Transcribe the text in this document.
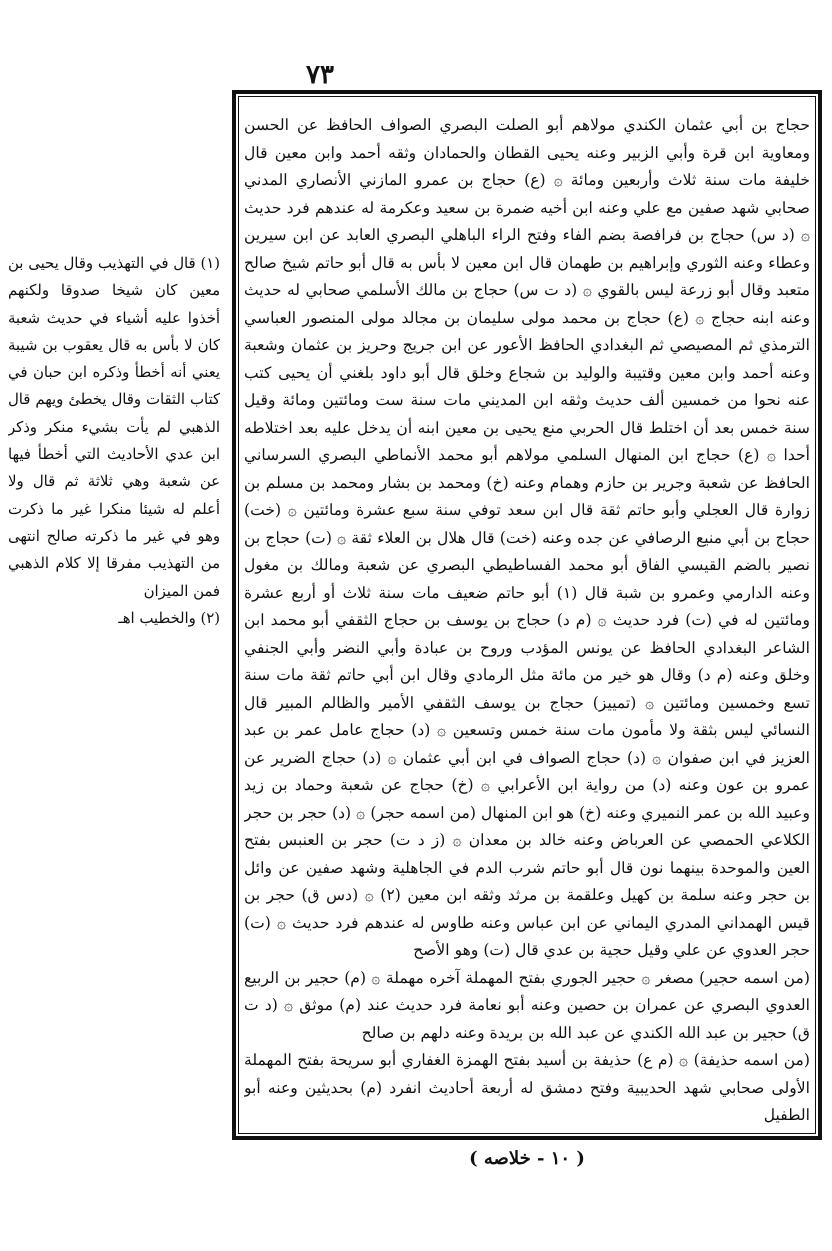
٧٣

حجاج بن أبي عثمان الكندي مولاهم أبو الصلت البصري الصواف الحافظ عن الحسن ومعاوية ابن قرة وأبي الزبير وعنه يحيى القطان والحمادان وثقه أحمد وابن معين قال خليفة مات سنة ثلاث وأربعين ومائة ۞ (ع) حجاج بن عمرو المازني الأنصاري المدني صحابي شهد صفين مع علي وعنه ابن أخيه ضمرة بن سعيد وعكرمة له عندهم فرد حديث ۞ (د س) حجاج بن فرافصة بضم الفاء وفتح الراء الباهلي البصري العابد عن ابن سيرين وعطاء وعنه الثوري وإبراهيم بن طهمان قال ابن معين لا بأس به قال أبو حاتم شيخ صالح متعبد وقال أبو زرعة ليس بالقوي ۞ (د ت س) حجاج بن مالك الأسلمي صحابي له حديث وعنه ابنه حجاج ۞ (ع) حجاج بن محمد مولى سليمان بن مجالد مولى المنصور العباسي الترمذي ثم المصيصي ثم البغدادي الحافظ الأعور عن ابن جريج وحريز بن عثمان وشعبة وعنه أحمد وابن معين وقتيبة والوليد بن شجاع وخلق قال أبو داود بلغني أن يحيى كتب عنه نحوا من خمسين ألف حديث وثقه ابن المديني مات سنة ست ومائتين ومائة وقيل سنة خمس بعد أن اختلط قال الحربي منع يحيى بن معين ابنه أن يدخل عليه بعد اختلاطه أحدا ۞ (ع) حجاج ابن المنهال السلمي مولاهم أبو محمد الأنماطي البصري السرساني الحافظ عن شعبة وجرير بن حازم وهمام وعنه (خ) ومحمد بن بشار ومحمد بن مسلم بن زوارة قال العجلي وأبو حاتم ثقة قال ابن سعد توفي سنة سبع عشرة ومائتين ۞ (خت) حجاج بن أبي منيع الرصافي عن جده وعنه (خت) قال هلال بن العلاء ثقة ۞ (ت) حجاج بن نصير بالضم القيسي الفاق أبو محمد الفساطيطي البصري عن شعبة ومالك بن مغول وعنه الدارمي وعمرو بن شبة قال (١) أبو حاتم ضعيف مات سنة ثلاث أو أربع عشرة ومائتين له في (ت) فرد حديث ۞ (م د) حجاج بن يوسف بن حجاج الثقفي أبو محمد ابن الشاعر البغدادي الحافظ عن يونس المؤدب وروح بن عبادة وأبي النضر وأبي الجنفي وخلق وعنه (م د) وقال هو خير من مائة مثل الرمادي وقال ابن أبي حاتم ثقة مات سنة تسع وخمسين ومائتين ۞ (تمييز) حجاج بن يوسف الثقفي الأمير والظالم المبير قال النسائي ليس بثقة ولا مأمون مات سنة خمس وتسعين ۞ (د) حجاج عامل عمر بن عبد العزيز في ابن صفوان ۞ (د) حجاج الصواف في ابن أبي عثمان ۞ (د) حجاج الضرير عن عمرو بن عون وعنه (د) من رواية ابن الأعرابي ۞ (خ) حجاج عن شعبة وحماد بن زيد وعبيد الله بن عمر النميري وعنه (خ) هو ابن المنهال (من اسمه حجر) ۞ (د) حجر بن حجر الكلاعي الحمصي عن العرباض وعنه خالد بن معدان ۞ (ز د ت) حجر بن العنبس بفتح العين والموحدة بينهما نون قال أبو حاتم شرب الدم في الجاهلية وشهد صفين عن وائل بن حجر وعنه سلمة بن كهيل وعلقمة بن مرثد وثقه ابن معين (٢) ۞ (دس ق) حجر بن قيس الهمداني المدري اليماني عن ابن عباس وعنه طاوس له عندهم فرد حديث ۞ (ت) حجر العدوي عن علي وقيل حجية بن عدي قال (ت) وهو الأصح

(من اسمه حجير) مصغر ۞ حجير الجوري بفتح المهملة آخره مهملة ۞ (م) حجير بن الربيع العدوي البصري عن عمران بن حصين وعنه أبو نعامة فرد حديث عند (م) موثق ۞ (د ت ق) حجير بن عبد الله الكندي عن عبد الله بن بريدة وعنه دلهم بن صالح

(من اسمه حذيفة) ۞ (م ع) حذيفة بن أسيد بفتح الهمزة الغفاري أبو سريحة بفتح المهملة الأولى صحابي شهد الحديبية وفتح دمشق له أربعة أحاديث انفرد (م) بحديثين وعنه أبو الطفيل

(١) قال في التهذيب وقال يحيى بن معين كان شيخا صدوقا ولكنهم أخذوا عليه أشياء في حديث شعبة كان لا بأس به قال يعقوب بن شيبة يعني أنه أخطأ وذكره ابن حبان في كتاب الثقات وقال يخطئ ويهم قال الذهبي لم يأت بشيء منكر وذكر ابن عدي الأحاديث التي أخطأ فيها عن شعبة وهي ثلاثة ثم قال ولا أعلم له شيئا منكرا غير ما ذكرت وهو في غير ما ذكرته صالح انتهى من التهذيب مفرقا إلا كلام الذهبي فمن الميزان

(٢) والخطيب اهـ

( ١٠ - خلاصه )
